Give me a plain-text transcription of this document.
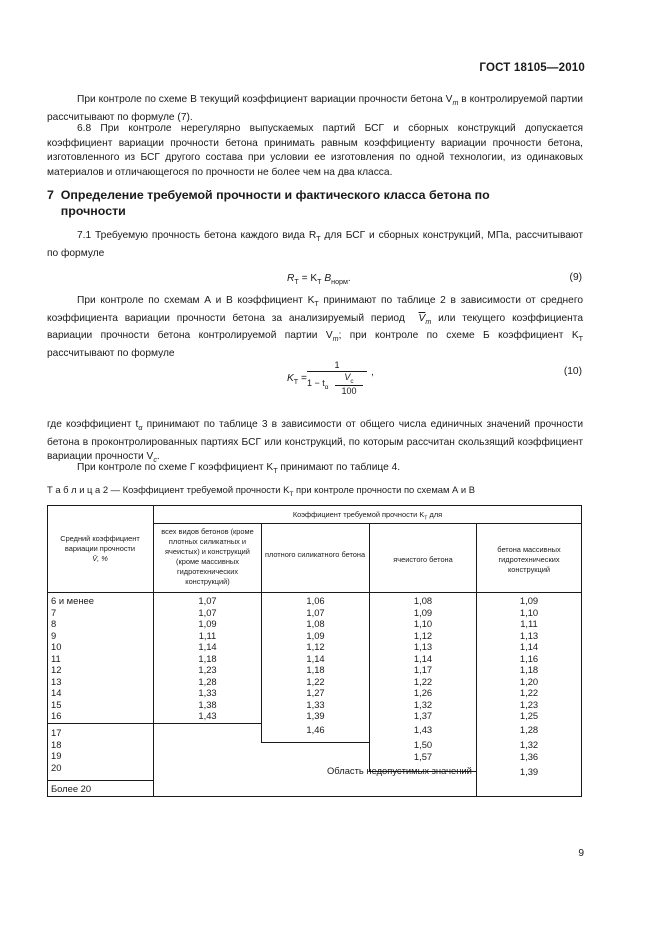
ГОСТ 18105—2010
При контроле по схеме В текущий коэффициент вариации прочности бетона $V_m$ в контролируемой партии рассчитывают по формуле (7).
6.8 При контроле нерегулярно выпускаемых партий БСГ и сборных конструкций допускается коэффициент вариации прочности бетона принимать равным коэффициенту вариации прочности бетона, изготовленного из БСГ другого состава при условии ее изготовления по одной технологии, из одинаковых материалов и отличающегося по прочности не более чем на два класса.
7 Определение требуемой прочности и фактического класса бетона по прочности
7.1 Требуемую прочность бетона каждого вида $R_Т$ для БСГ и сборных конструкций, МПа, рассчитывают по формуле
$R_Т = K_Т$ $B_{норм}$.	(9)
При контроле по схемам А и В коэффициент $K_Т$ принимают по таблице 2 в зависимости от среднего коэффициента вариации прочности бетона за анализируемый период $\overline{V}_m$ или текущего коэффициента вариации прочности бетона контролируемой партии $V_m$; при контроле по схеме Б коэффициент $K_Т$ рассчитывают по формуле
$K_Т = 1$
$1 - t_\alpha$
$V_c$
100 ,	(10)
где коэффициент $t_\alpha$ принимают по таблице 3 в зависимости от общего числа единичных значений прочности бетона в проконтролированных партиях БСГ или конструкций, по которым рассчитан скользящий коэффициент вариации прочности $V_c$.
При контроле по схеме Г коэффициент $K_Т$ принимают по таблице 4.
Т а б л и ц а 2 — Коэффициент требуемой прочности $K_Т$ при контроле прочности по схемам А и В
Средний коэффициент вариации прочности
V̄, %
Коэффициент требуемой прочности $K_Т$ для
всех видов бетонов (кроме плотных силикатных и ячеистых) и конструкций (кроме массивных гидротехнических конструкций)
плотного силикатного бетона
ячеистого бетона
бетона массивных гидротехнических конструкций
6 и менее
7
8
9
10
11
12
13
14
15
16
17
18
19
20
Более 20
1,07
1,07
1,09
1,11
1,14
1,18
1,23
1,28
1,33
1,38
1,43
1,06
1,07
1,08
1,09
1,12
1,14
1,18
1,22
1,27
1,33
1,39
1,46
1,08
1,09
1,10
1,12
1,13
1,14
1,17
1,22
1,26
1,32
1,37
1,43
1,50
1,57
1,09
1,10
1,11
1,13
1,14
1,16
1,18
1,20
1,22
1,23
1,25
1,28
1,32
1,36
1,39
Область недопустимых значений
9
